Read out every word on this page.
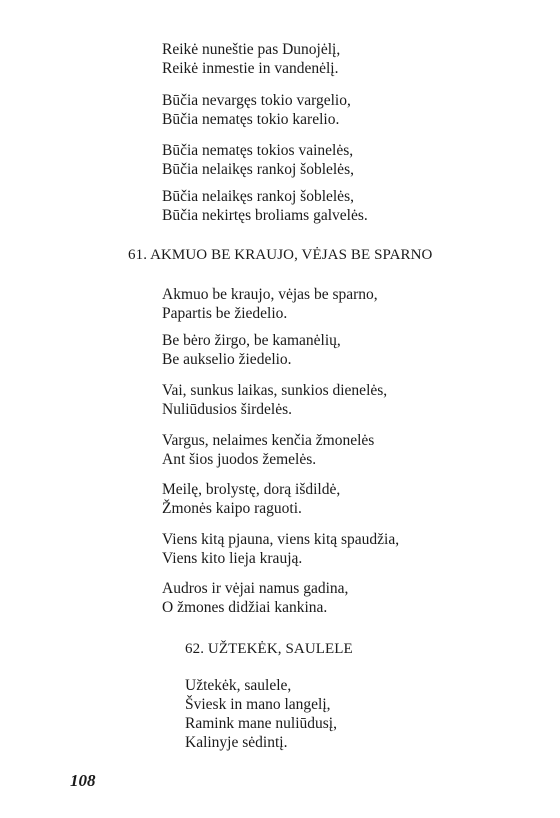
Reikė nuneštie pas Dunojėlį,
Reikė inmestie in vandenėlį.
Būčia nevargęs tokio vargelio,
Būčia nematęs tokio karelio.
Būčia nematęs tokios vainelės,
Būčia nelaikęs rankoj šoblelės,
Būčia nelaikęs rankoj šoblelės,
Būčia nekirtęs broliams galvelės.
61. AKMUO BE KRAUJO, VĖJAS BE SPARNO
Akmuo be kraujo, vėjas be sparno,
Papartis be žiedelio.
Be bėro žirgo, be kamanėlių,
Be aukselio žiedelio.
Vai, sunkus laikas, sunkios dienelės,
Nuliūdusios širdelės.
Vargus, nelaimes kenčia žmonelės
Ant šios juodos žemelės.
Meilę, brolystę, dorą išdildė,
Žmonės kaipo raguoti.
Viens kitą pjauna, viens kitą spaudžia,
Viens kito lieja kraują.
Audros ir vėjai namus gadina,
O žmones didžiai kankina.
62. UŽTEKĖK, SAULELE
Užtekėk, saulele,
Šviesk in mano langelį,
Ramink mane nuliūdusį,
Kalinyje sėdintį.
108
